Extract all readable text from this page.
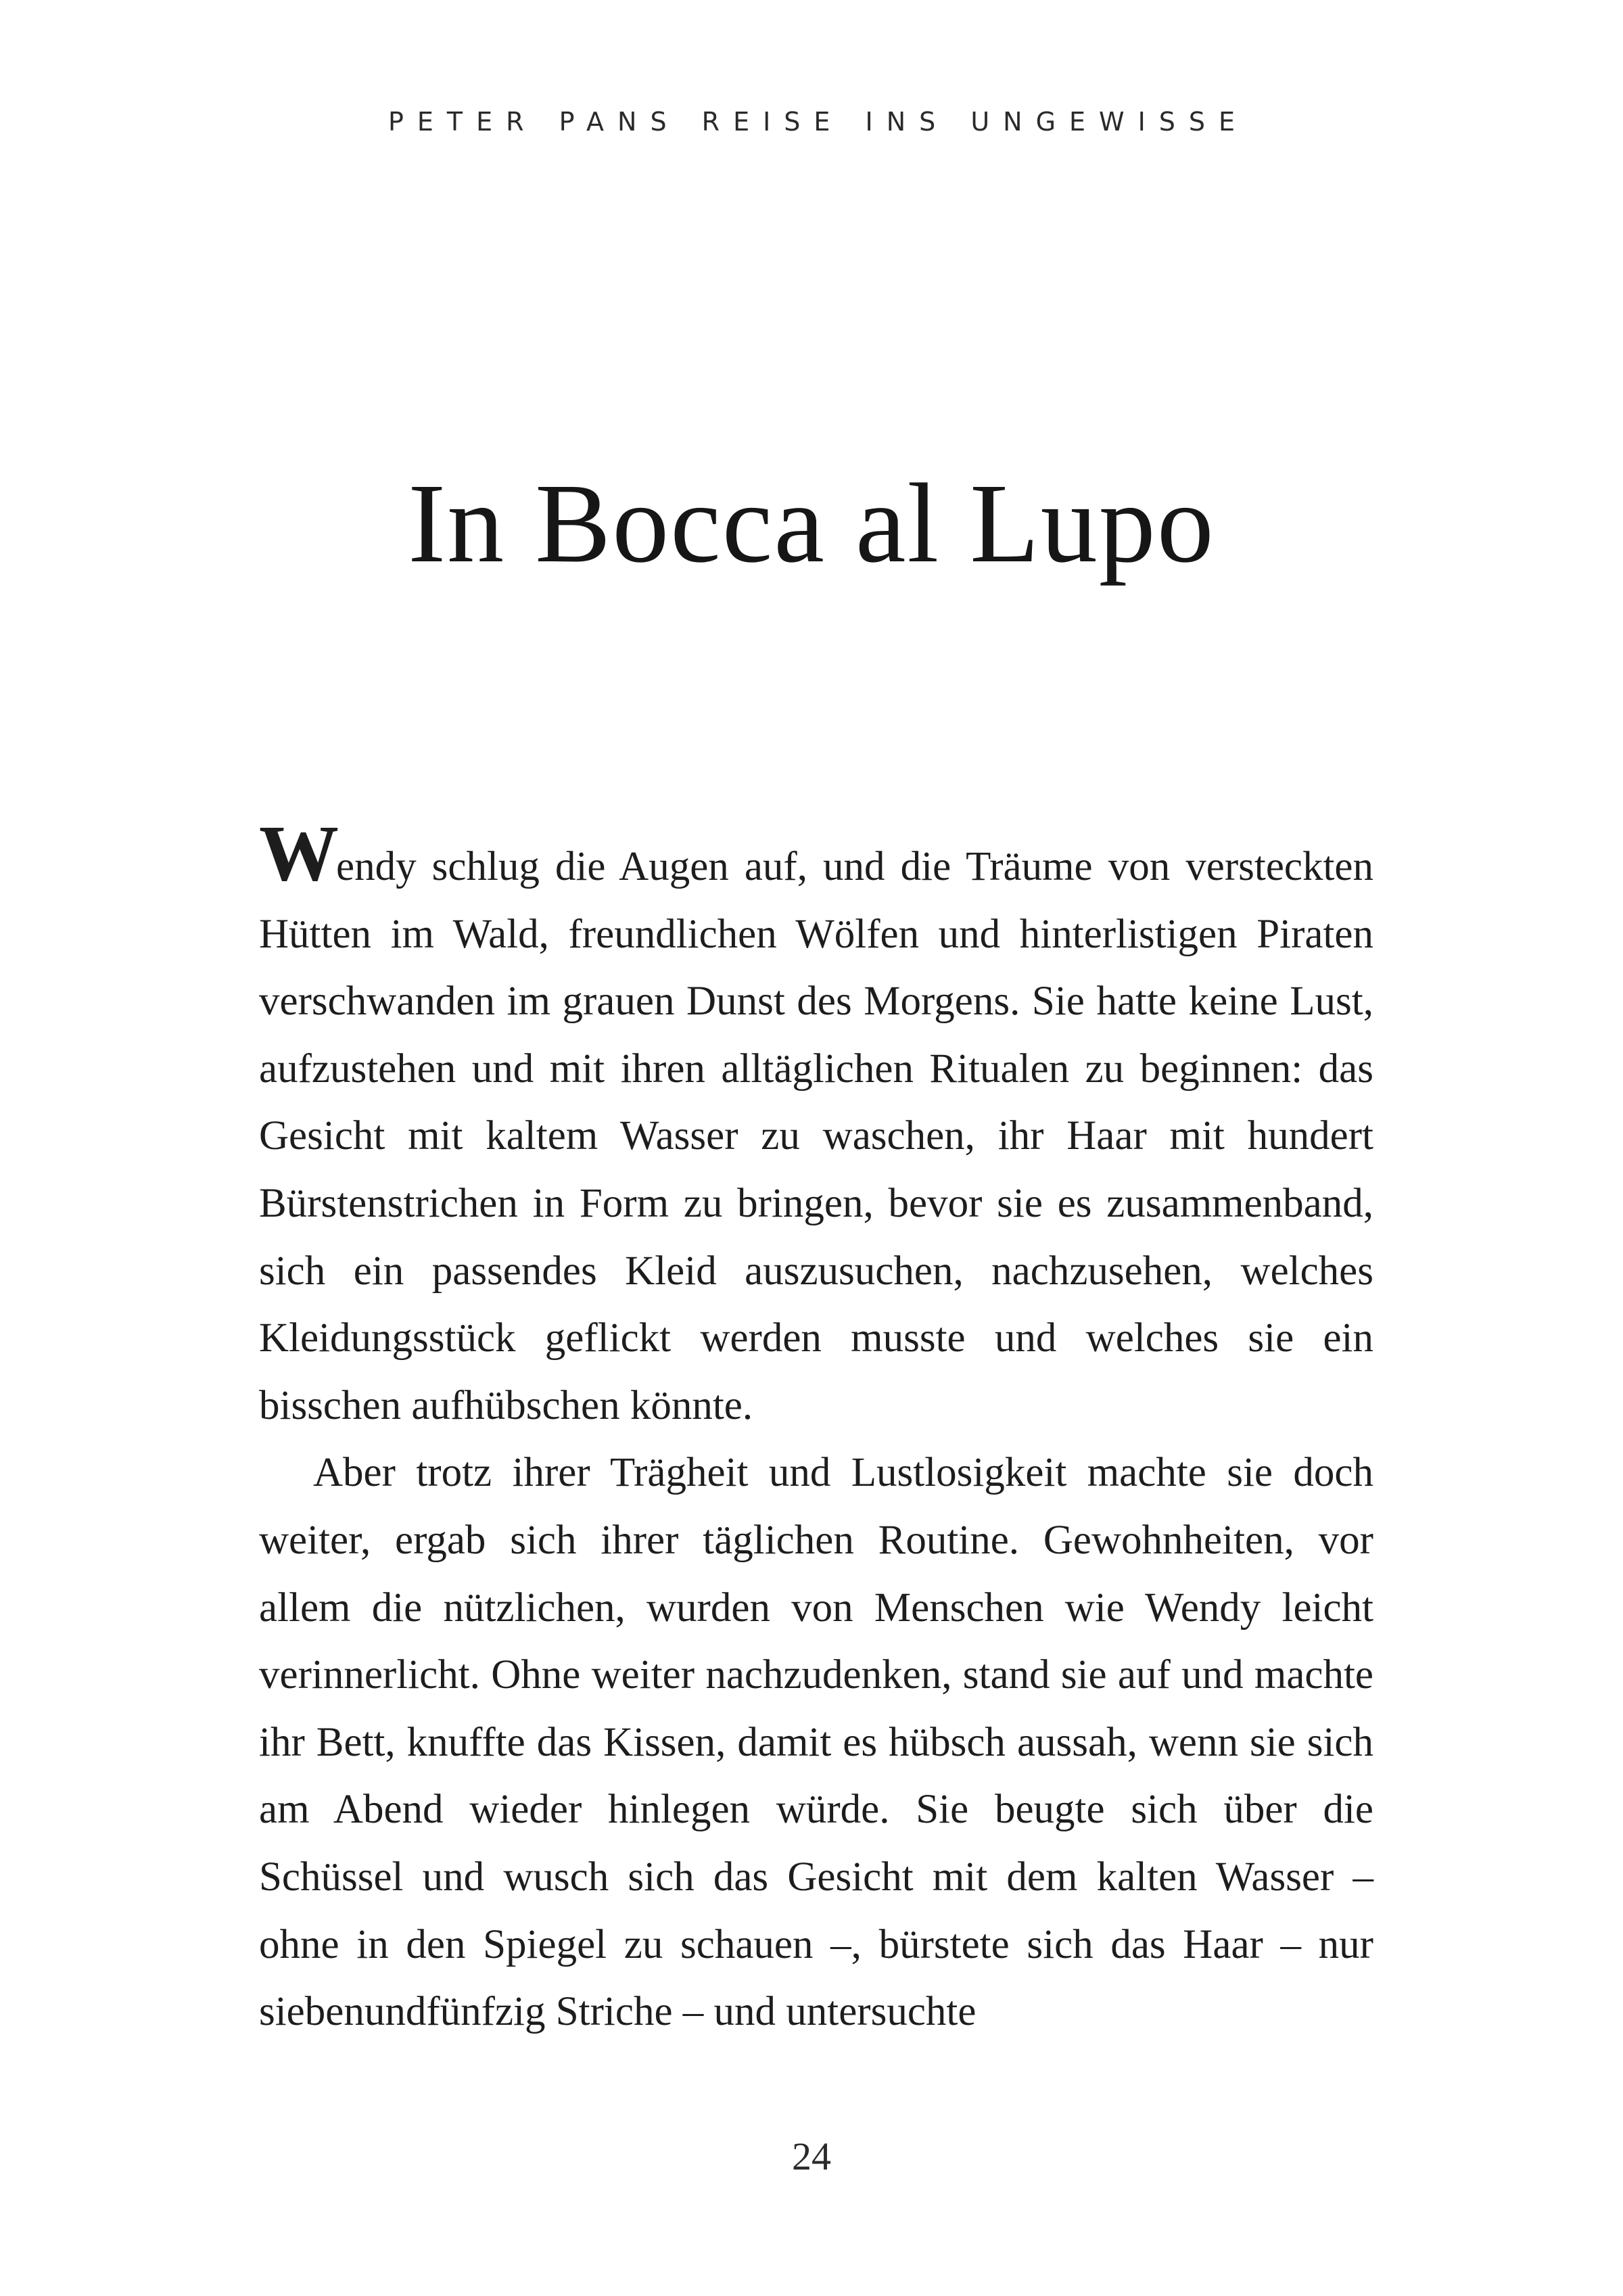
PETER PANS REISE INS UNGEWISSE
In Bocca al Lupo

Wendy schlug die Augen auf, und die Träume von versteckten Hütten im Wald, freundlichen Wölfen und hinterlistigen Piraten verschwanden im grauen Dunst des Morgens. Sie hatte keine Lust, aufzustehen und mit ihren alltäglichen Ritualen zu beginnen: das Gesicht mit kaltem Wasser zu waschen, ihr Haar mit hundert Bürstenstrichen in Form zu bringen, bevor sie es zusammenband, sich ein passendes Kleid auszusuchen, nachzusehen, welches Kleidungsstück geflickt werden musste und welches sie ein bisschen aufhübschen könnte.

Aber trotz ihrer Trägheit und Lustlosigkeit machte sie doch weiter, ergab sich ihrer täglichen Routine. Gewohnheiten, vor allem die nützlichen, wurden von Menschen wie Wendy leicht verinnerlicht. Ohne weiter nachzudenken, stand sie auf und machte ihr Bett, knuffte das Kissen, damit es hübsch aussah, wenn sie sich am Abend wieder hinlegen würde. Sie beugte sich über die Schüssel und wusch sich das Gesicht mit dem kalten Wasser – ohne in den Spiegel zu schauen –, bürstete sich das Haar – nur siebenundfünfzig Striche – und untersuchte

24
